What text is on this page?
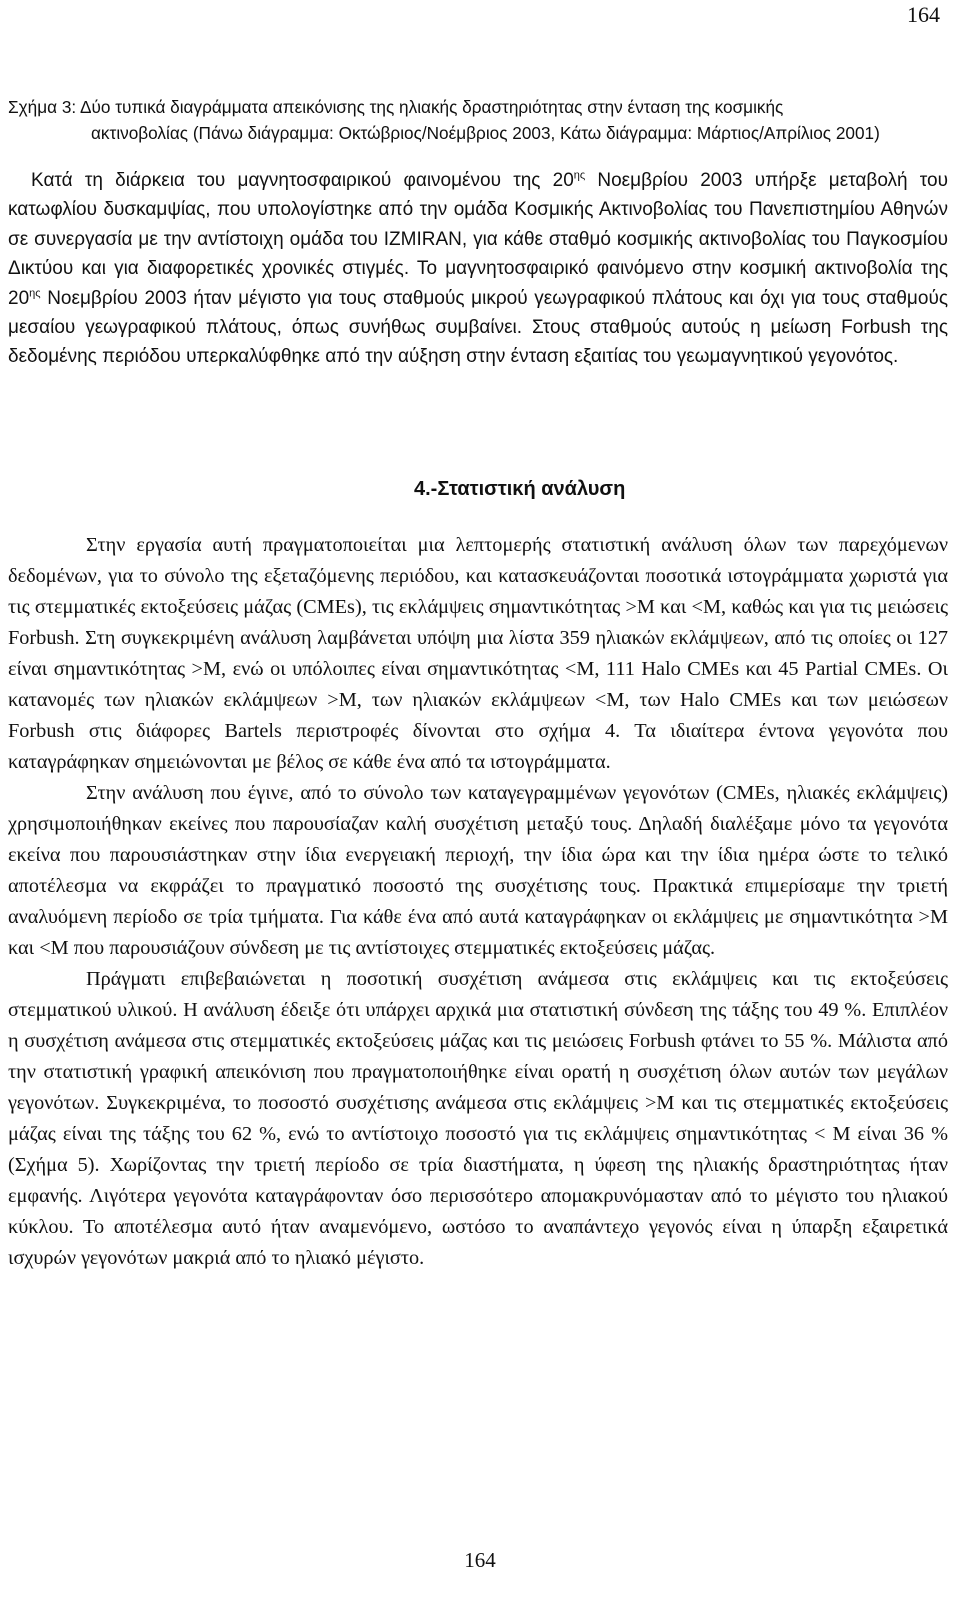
164
Σχήμα 3: Δύο τυπικά διαγράμματα απεικόνισης της ηλιακής δραστηριότητας στην ένταση της κοσμικής
ακτινοβολίας (Πάνω διάγραμμα: Οκτώβριος/Νοέμβριος 2003, Κάτω διάγραμμα: Μάρτιος/Απρίλιος 2001)

Κατά τη διάρκεια του μαγνητοσφαιρικού φαινομένου της $20^{\eta\varsigma}$ Νοεμβρίου 2003 υπήρξε μεταβολή του κατωφλίου δυσκαμψίας, που υπολογίστηκε από την ομάδα Κοσμικής Ακτινοβολίας του Πανεπιστημίου Αθηνών σε συνεργασία με την αντίστοιχη ομάδα του IZMIRAN, για κάθε σταθμό κοσμικής ακτινοβολίας του Παγκοσμίου Δικτύου και για διαφορετικές χρονικές στιγμές. Το μαγνητοσφαιρικό φαινόμενο στην κοσμική ακτινοβολία της $20^{\eta\varsigma}$ Νοεμβρίου 2003 ήταν μέγιστο για τους σταθμούς μικρού γεωγραφικού πλάτους και όχι για τους σταθμούς μεσαίου γεωγραφικού πλάτους, όπως συνήθως συμβαίνει. Στους σταθμούς αυτούς η μείωση Forbush της δεδομένης περιόδου υπερκαλύφθηκε από την αύξηση στην ένταση εξαιτίας του γεωμαγνητικού γεγονότος.

4.-Στατιστική ανάλυση

Στην εργασία αυτή πραγματοποιείται μια λεπτομερής στατιστική ανάλυση όλων των παρεχόμενων δεδομένων, για το σύνολο της εξεταζόμενης περιόδου, και κατασκευάζονται ποσοτικά ιστογράμματα χωριστά για τις στεμματικές εκτοξεύσεις μάζας (CMEs), τις εκλάμψεις σημαντικότητας >M και <M, καθώς και για τις μειώσεις Forbush. Στη συγκεκριμένη ανάλυση λαμβάνεται υπόψη μια λίστα 359 ηλιακών εκλάμψεων, από τις οποίες οι 127 είναι σημαντικότητας >M, ενώ οι υπόλοιπες είναι σημαντικότητας <M, 111 Halo CMEs και 45 Partial CMEs. Οι κατανομές των ηλιακών εκλάμψεων >M, των ηλιακών εκλάμψεων <M, των Halo CMEs και των μειώσεων Forbush στις διάφορες Bartels περιστροφές δίνονται στο σχήμα 4. Τα ιδιαίτερα έντονα γεγονότα που καταγράφηκαν σημειώνονται με βέλος σε κάθε ένα από τα ιστογράμματα.

Στην ανάλυση που έγινε, από το σύνολο των καταγεγραμμένων γεγονότων (CMEs, ηλιακές εκλάμψεις) χρησιμοποιήθηκαν εκείνες που παρουσίαζαν καλή συσχέτιση μεταξύ τους. Δηλαδή διαλέξαμε μόνο τα γεγονότα εκείνα που παρουσιάστηκαν στην ίδια ενεργειακή περιοχή, την ίδια ώρα και την ίδια ημέρα ώστε το τελικό αποτέλεσμα να εκφράζει το πραγματικό ποσοστό της συσχέτισης τους. Πρακτικά επιμερίσαμε την τριετή αναλυόμενη περίοδο σε τρία τμήματα. Για κάθε ένα από αυτά καταγράφηκαν οι εκλάμψεις με σημαντικότητα >M και <M που παρουσιάζουν σύνδεση με τις αντίστοιχες στεμματικές εκτοξεύσεις μάζας.

Πράγματι επιβεβαιώνεται η ποσοτική συσχέτιση ανάμεσα στις εκλάμψεις και τις εκτοξεύσεις στεμματικού υλικού. Η ανάλυση έδειξε ότι υπάρχει αρχικά μια στατιστική σύνδεση της τάξης του 49 %. Επιπλέον η συσχέτιση ανάμεσα στις στεμματικές εκτοξεύσεις μάζας και τις μειώσεις Forbush φτάνει το 55 %. Μάλιστα από την στατιστική γραφική απεικόνιση που πραγματοποιήθηκε είναι ορατή η συσχέτιση όλων αυτών των μεγάλων γεγονότων. Συγκεκριμένα, το ποσοστό συσχέτισης ανάμεσα στις εκλάμψεις >M και τις στεμματικές εκτοξεύσεις μάζας είναι της τάξης του 62 %, ενώ το αντίστοιχο ποσοστό για τις εκλάμψεις σημαντικότητας < M είναι 36 % (Σχήμα 5). Χωρίζοντας την τριετή περίοδο σε τρία διαστήματα, η ύφεση της ηλιακής δραστηριότητας ήταν εμφανής. Λιγότερα γεγονότα καταγράφονταν όσο περισσότερο απομακρυνόμασταν από το μέγιστο του ηλιακού κύκλου. Το αποτέλεσμα αυτό ήταν αναμενόμενο, ωστόσο το αναπάντεχο γεγονός είναι η ύπαρξη εξαιρετικά ισχυρών γεγονότων μακριά από το ηλιακό μέγιστο.

164
